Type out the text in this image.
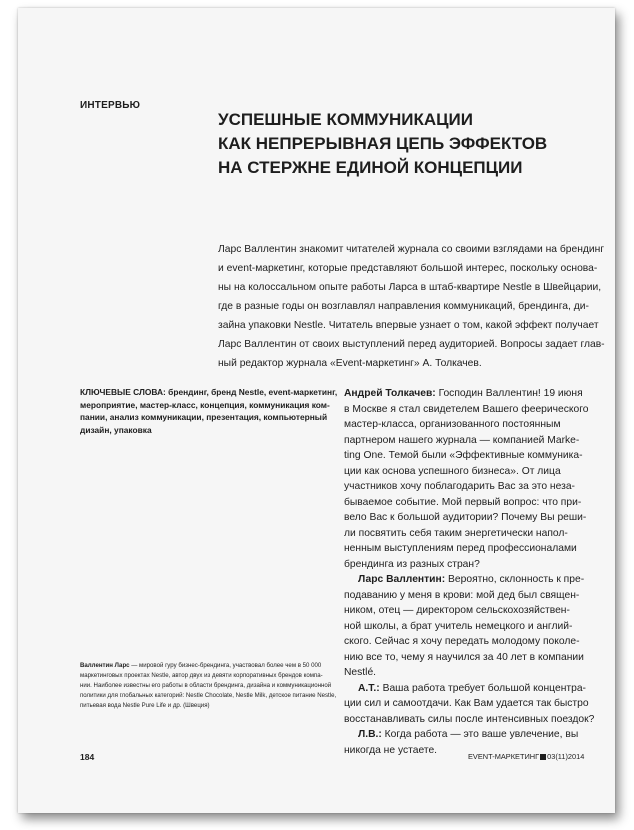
ИНТЕРВЬЮ
УСПЕШНЫЕ КОММУНИКАЦИИ
КАК НЕПРЕРЫВНАЯ ЦЕПЬ ЭФФЕКТОВ
НА СТЕРЖНЕ ЕДИНОЙ КОНЦЕПЦИИ

Ларс Валлентин знакомит читателей журнала со своими взглядами на брендинг
и event-маркетинг, которые представляют большой интерес, поскольку основа-
ны на колоссальном опыте работы Ларса в штаб-квартире Nestle в Швейцарии,
где в разные годы он возглавлял направления коммуникаций, брендинга, ди-
зайна упаковки Nestle. Читатель впервые узнает о том, какой эффект получает
Ларс Валлентин от своих выступлений перед аудиторией. Вопросы задает глав-
ный редактор журнала «Event-маркетинг» А. Толкачев.

КЛЮЧЕВЫЕ СЛОВА: брендинг, бренд Nestle, event-маркетинг,
мероприятие, мастер-класс, концепция, коммуникация ком-
пании, анализ коммуникации, презентация, компьютерный
дизайн, упаковка
Валлентин Ларс — мировой гуру бизнес-брендинга, участвовал более чем в 50 000
маркетинговых проектах Nestle, автор двух из девяти корпоративных брендов компа-
нии. Наиболее известны его работы в области брендинга, дизайна и коммуникационной
политики для глобальных категорий: Nestle Chocolate, Nestle Milk, детское питание Nestle,
питьевая вода Nestle Pure Life и др. (Швеция)
Андрей Толкачев: Господин Валлентин! 19 июня
в Москве я стал свидетелем Вашего феерического
мастер-класса, организованного постоянным
партнером нашего журнала — компанией Marke-
ting One. Темой были «Эффективные коммуника-
ции как основа успешного бизнеса». От лица
участников хочу поблагодарить Вас за это неза-
бываемое событие. Мой первый вопрос: что при-
вело Вас к большой аудитории? Почему Вы реши-
ли посвятить себя таким энергетически напол-
ненным выступлениям перед профессионалами
брендинга из разных стран?
Ларс Валлентин: Вероятно, склонность к пре-
подаванию у меня в крови: мой дед был священ-
ником, отец — директором сельскохозяйствен-
ной школы, а брат учитель немецкого и англий-
ского. Сейчас я хочу передать молодому поколе-
нию все то, чему я научился за 40 лет в компании
Nestlé.
А.Т.: Ваша работа требует большой концентра-
ции сил и самоотдачи. Как Вам удается так быстро
восстанавливать силы после интенсивных поездок?
Л.В.: Когда работа — это ваше увлечение, вы
никогда не устаете.
184	EVENT-МАРКЕТИНГ 03(11)2014
